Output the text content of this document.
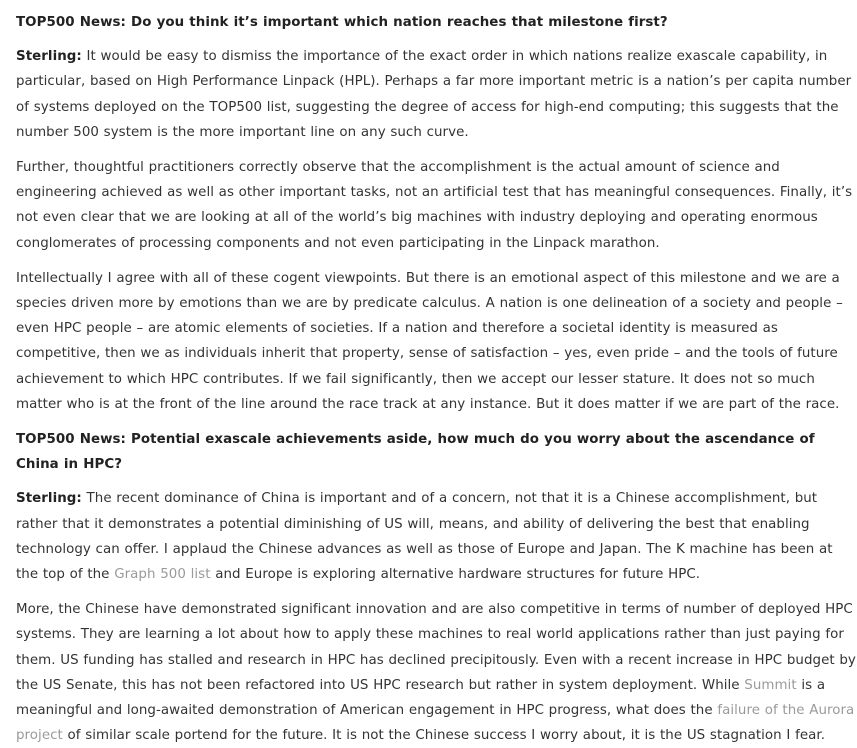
TOP500 News: Do you think it’s important which nation reaches that milestone first?

Sterling: It would be easy to dismiss the importance of the exact order in which nations realize exascale capability, in particular, based on High Performance Linpack (HPL). Perhaps a far more important metric is a nation’s per capita number of systems deployed on the TOP500 list, suggesting the degree of access for high-end computing; this suggests that the number 500 system is the more important line on any such curve.

Further, thoughtful practitioners correctly observe that the accomplishment is the actual amount of science and engineering achieved as well as other important tasks, not an artificial test that has meaningful consequences. Finally, it’s not even clear that we are looking at all of the world’s big machines with industry deploying and operating enormous conglomerates of processing components and not even participating in the Linpack marathon.

Intellectually I agree with all of these cogent viewpoints. But there is an emotional aspect of this milestone and we are a species driven more by emotions than we are by predicate calculus. A nation is one delineation of a society and people – even HPC people – are atomic elements of societies. If a nation and therefore a societal identity is measured as competitive, then we as individuals inherit that property, sense of satisfaction – yes, even pride – and the tools of future achievement to which HPC contributes. If we fail significantly, then we accept our lesser stature. It does not so much matter who is at the front of the line around the race track at any instance. But it does matter if we are part of the race.

TOP500 News: Potential exascale achievements aside, how much do you worry about the ascendance of China in HPC?

Sterling: The recent dominance of China is important and of a concern, not that it is a Chinese accomplishment, but rather that it demonstrates a potential diminishing of US will, means, and ability of delivering the best that enabling technology can offer. I applaud the Chinese advances as well as those of Europe and Japan. The K machine has been at the top of the Graph 500 list and Europe is exploring alternative hardware structures for future HPC.

More, the Chinese have demonstrated significant innovation and are also competitive in terms of number of deployed HPC systems. They are learning a lot about how to apply these machines to real world applications rather than just paying for them. US funding has stalled and research in HPC has declined precipitously. Even with a recent increase in HPC budget by the US Senate, this has not been refactored into US HPC research but rather in system deployment. While Summit is a meaningful and long-awaited demonstration of American engagement in HPC progress, what does the failure of the Aurora project of similar scale portend for the future. It is not the Chinese success I worry about, it is the US stagnation I fear.
